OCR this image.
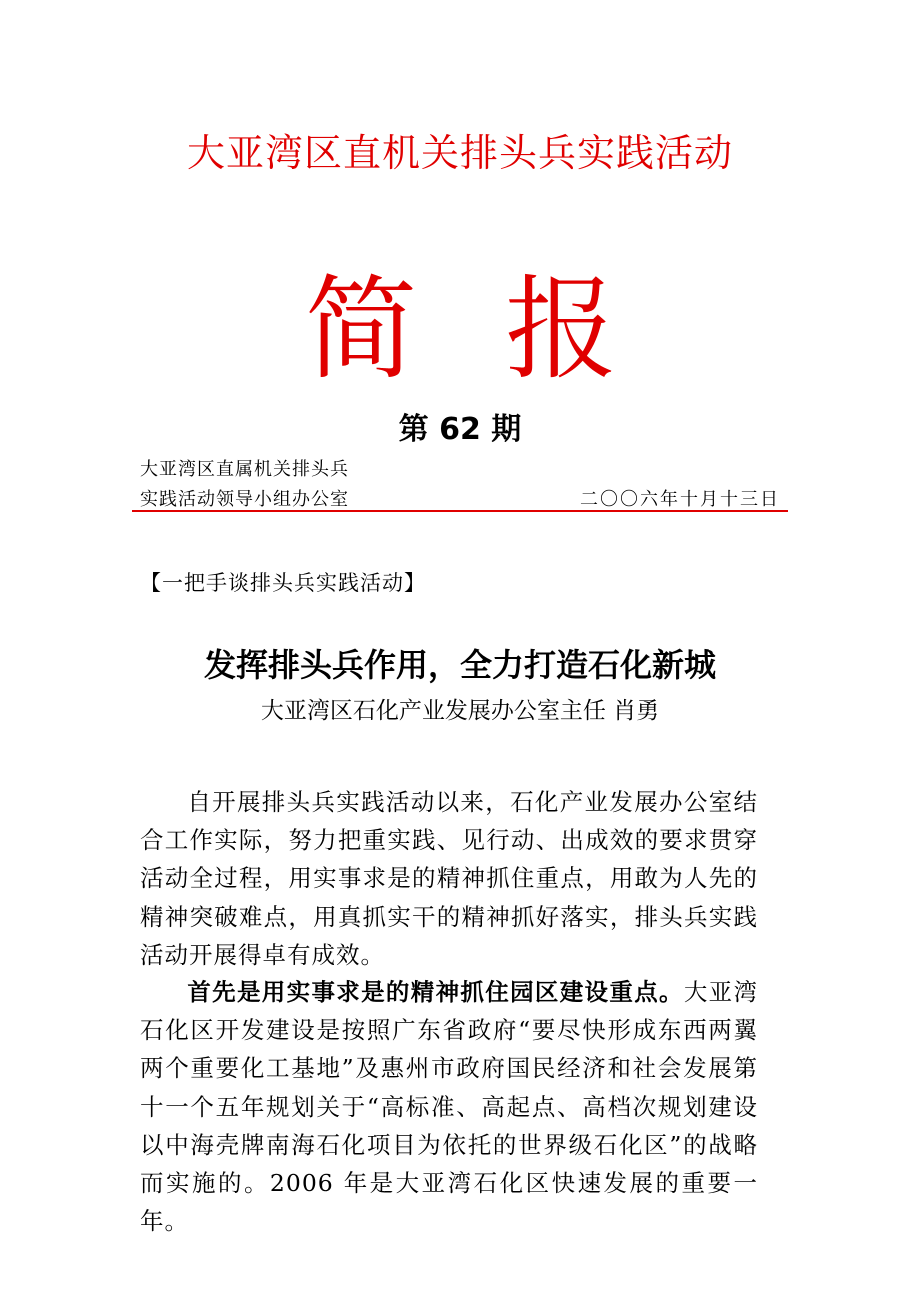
大亚湾区直机关排头兵实践活动
简 报
第 62 期
大亚湾区直属机关排头兵
实践活动领导小组办公室	二〇〇六年十月十三日
【一把手谈排头兵实践活动】
发挥排头兵作用，全力打造石化新城
大亚湾区石化产业发展办公室主任 肖勇
自开展排头兵实践活动以来，石化产业发展办公室结合工作实际，努力把重实践、见行动、出成效的要求贯穿活动全过程，用实事求是的精神抓住重点，用敢为人先的精神突破难点，用真抓实干的精神抓好落实，排头兵实践活动开展得卓有成效。
首先是用实事求是的精神抓住园区建设重点。大亚湾石化区开发建设是按照广东省政府“要尽快形成东西两翼两个重要化工基地”及惠州市政府国民经济和社会发展第十一个五年规划关于“高标准、高起点、高档次规划建设以中海壳牌南海石化项目为依托的世界级石化区”的战略而实施的。2006 年是大亚湾石化区快速发展的重要一年。
